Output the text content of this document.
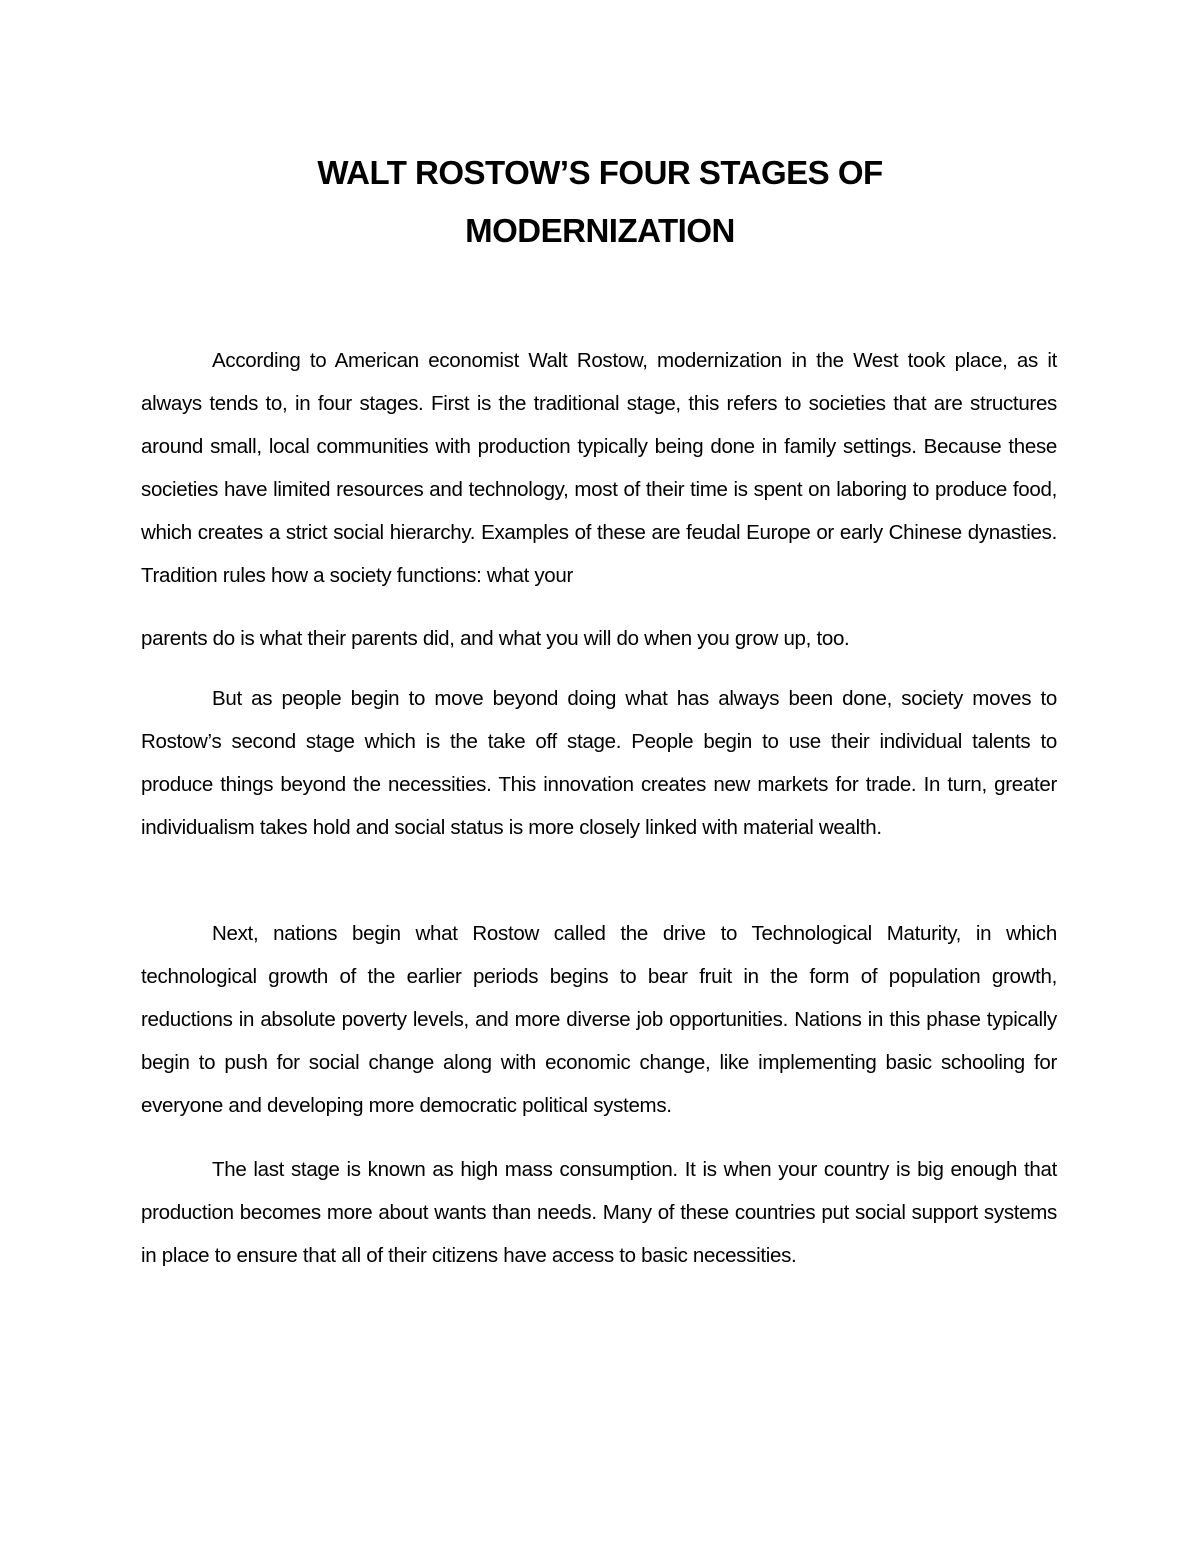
WALT ROSTOW’S FOUR STAGES OF
MODERNIZATION

According to American economist Walt Rostow, modernization in the West took place, as it always tends to, in four stages. First is the traditional stage, this refers to societies that are structures around small, local communities with production typically being done in family settings. Because these societies have limited resources and technology, most of their time is spent on laboring to produce food, which creates a strict social hierarchy. Examples of these are feudal Europe or early Chinese dynasties. Tradition rules how a society functions: what your

parents do is what their parents did, and what you will do when you grow up, too.

But as people begin to move beyond doing what has always been done, society moves to Rostow’s second stage which is the take off stage. People begin to use their individual talents to produce things beyond the necessities. This innovation creates new markets for trade. In turn, greater individualism takes hold and social status is more closely linked with material wealth.

Next, nations begin what Rostow called the drive to Technological Maturity, in which technological growth of the earlier periods begins to bear fruit in the form of population growth, reductions in absolute poverty levels, and more diverse job opportunities. Nations in this phase typically begin to push for social change along with economic change, like implementing basic schooling for everyone and developing more democratic political systems.

The last stage is known as high mass consumption. It is when your country is big enough that production becomes more about wants than needs. Many of these countries put social support systems in place to ensure that all of their citizens have access to basic necessities.
